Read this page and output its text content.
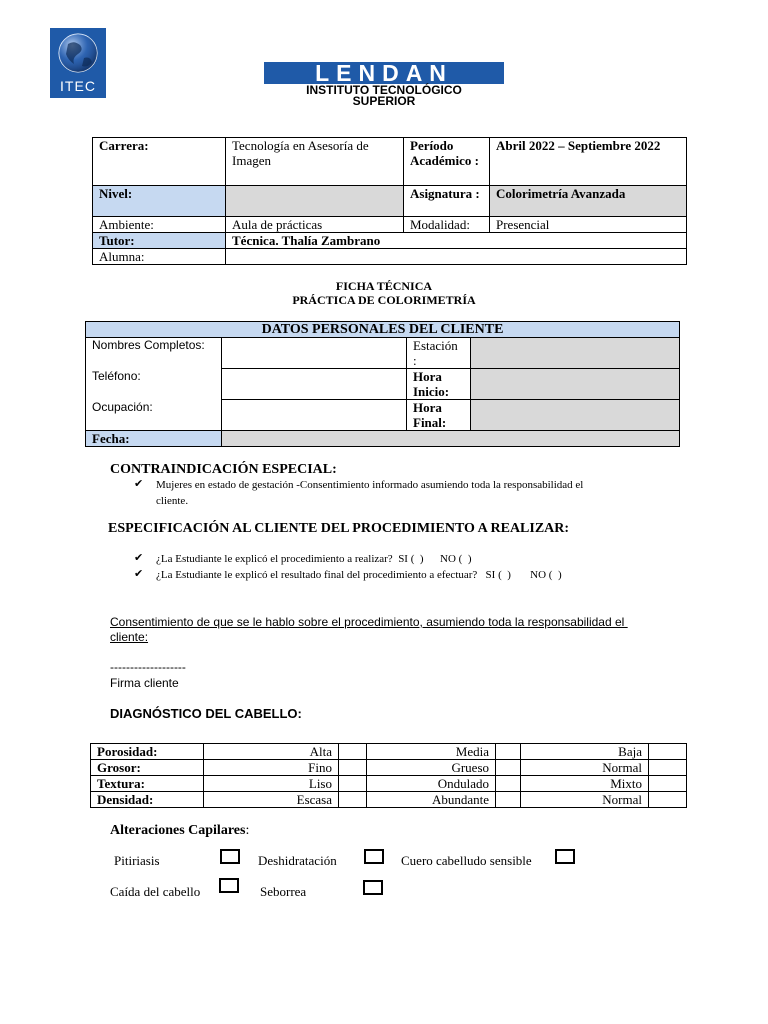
ITEC	LENDAN
INSTITUTO TECNOLÓGICO
SUPERIOR
Carrera:	Tecnología en Asesoría de Imagen	Período Académico :	Abril 2022 – Septiembre 2022
Nivel:		Asignatura :	Colorimetría Avanzada
Ambiente:	Aula de prácticas	Modalidad:	Presencial
Tutor:	Técnica. Thalía Zambrano		
Alumna:			
FICHA TÉCNICA
PRÁCTICA DE COLORIMETRÍA
DATOS PERSONALES DEL CLIENTE			
Nombres Completos:		Estación :	
Teléfono:		Hora Inicio:	
Ocupación:		Hora Final:	
Fecha:			
CONTRAINDICACIÓN ESPECIAL:
✔ Mujeres en estado de gestación -Consentimiento informado asumiendo toda la responsabilidad el
cliente.
ESPECIFICACIÓN AL CLIENTE DEL PROCEDIMIENTO A REALIZAR:
✔ ¿La Estudiante le explicó el procedimiento a realizar?  SI (  )      NO (  )
✔ ¿La Estudiante le explicó el resultado final del procedimiento a efectuar?   SI (  )       NO (  )
Consentimiento de que se le hablo sobre el procedimiento, asumiendo toda la responsabilidad el
cliente:
-------------------
Firma cliente
DIAGNÓSTICO DEL CABELLO:
Porosidad:	Alta		Media		Baja	
Grosor:	Fino		Grueso		Normal	
Textura:	Liso		Ondulado		Mixto	
Densidad:	Escasa		Abundante		Normal	
Alteraciones Capilares:
Pitiriasis	Deshidratación	Cuero cabelludo sensible
Caída del cabello	Seborrea
